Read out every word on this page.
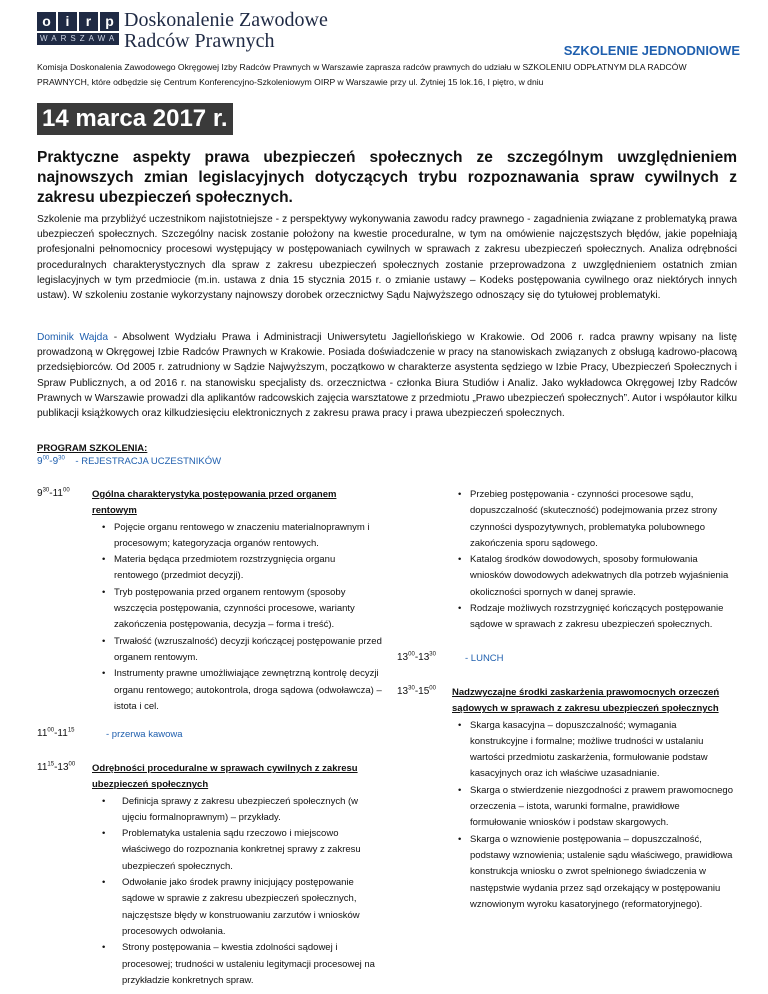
o	i	r	p
WARSZAWA
Doskonalenie Zawodowe
Radców Prawnych	SZKOLENIE JEDNODNIOWE
Komisja Doskonalenia Zawodowego Okręgowej Izby Radców Prawnych w Warszawie zaprasza radców prawnych do udziału w SZKOLENIU ODPŁATNYM DLA RADCÓW PRAWNYCH, które odbędzie się Centrum Konferencyjno-Szkoleniowym OIRP w Warszawie przy ul. Żytniej 15 lok.16, I piętro, w dniu
14 marca 2017 r.
Praktyczne aspekty prawa ubezpieczeń społecznych ze szczególnym uwzględnieniem najnowszych zmian legislacyjnych dotyczących trybu rozpoznawania spraw cywilnych z zakresu ubezpieczeń społecznych.
Szkolenie ma przybliżyć uczestnikom najistotniejsze - z perspektywy wykonywania zawodu radcy prawnego - zagadnienia związane z problematyką prawa ubezpieczeń społecznych. Szczególny nacisk zostanie położony na kwestie proceduralne, w tym na omówienie najczęstszych błędów, jakie popełniają profesjonalni pełnomocnicy procesowi występujący w postępowaniach cywilnych w sprawach z zakresu ubezpieczeń społecznych. Analiza odrębności proceduralnych charakterystycznych dla spraw z zakresu ubezpieczeń społecznych zostanie przeprowadzona z uwzględnieniem ostatnich zmian legislacyjnych w tym przedmiocie (m.in. ustawa z dnia 15 stycznia 2015 r. o zmianie ustawy – Kodeks postępowania cywilnego oraz niektórych innych ustaw). W szkoleniu zostanie wykorzystany najnowszy dorobek orzecznictwy Sądu Najwyższego odnoszący się do tytułowej problematyki.
Dominik Wajda - Absolwent Wydziału Prawa i Administracji Uniwersytetu Jagiellońskiego w Krakowie. Od 2006 r. radca prawny wpisany na listę prowadzoną w Okręgowej Izbie Radców Prawnych w Krakowie. Posiada doświadczenie w pracy na stanowiskach związanych z obsługą kadrowo-płacową przedsiębiorców. Od 2005 r. zatrudniony w Sądzie Najwyższym, początkowo w charakterze asystenta sędziego w Izbie Pracy, Ubezpieczeń Społecznych i Spraw Publicznych, a od 2016 r. na stanowisku specjalisty ds. orzecznictwa - członka Biura Studiów i Analiz. Jako wykładowca Okręgowej Izby Radców Prawnych w Warszawie prowadzi dla aplikantów radcowskich zajęcia warsztatowe z przedmiotu „Prawo ubezpieczeń społecznych”. Autor i współautor kilku publikacji książkowych oraz kilkudziesięciu elektronicznych z zakresu prawa pracy i prawa ubezpieczeń społecznych.
PROGRAM SZKOLENIA:
$9^{00}-9^{30}$ - REJESTRACJA UCZESTNIKÓW
$9^{30}-11^{00}$ Ogólna charakterystyka postępowania przed organem rentowym
• Pojęcie organu rentowego w znaczeniu materialnoprawnym i procesowym; kategoryzacja organów rentowych.
• Materia będąca przedmiotem rozstrzygnięcia organu rentowego (przedmiot decyzji).
• Tryb postępowania przed organem rentowym (sposoby wszczęcia postępowania, czynności procesowe, warianty zakończenia postępowania, decyzja – forma i treść).
• Trwałość (wzruszalność) decyzji kończącej postępowanie przed organem rentowym.
• Instrumenty prawne umożliwiające zewnętrzną kontrolę decyzji organu rentowego; autokontrola, droga sądowa (odwoławcza) – istota i cel.
$11^{00}-11^{15}$	- przerwa kawowa
$11^{15}-13^{00}$ Odrębności proceduralne w sprawach cywilnych z zakresu ubezpieczeń społecznych
• Definicja sprawy z zakresu ubezpieczeń społecznych (w ujęciu formalnoprawnym) – przykłady.
• Problematyka ustalenia sądu rzeczowo i miejscowo właściwego do rozpoznania konkretnej sprawy z zakresu ubezpieczeń społecznych.
• Odwołanie jako środek prawny inicjujący postępowanie sądowe w sprawie z zakresu ubezpieczeń społecznych, najczęstsze błędy w konstruowaniu zarzutów i wniosków procesowych odwołania.
• Strony postępowania – kwestia zdolności sądowej i procesowej; trudności w ustaleniu legitymacji procesowej na przykładzie konkretnych spraw.
• Przebieg postępowania - czynności procesowe sądu, dopuszczalność (skuteczność) podejmowania przez strony czynności dyspozytywnych, problematyka polubownego zakończenia sporu sądowego.
• Katalog środków dowodowych, sposoby formułowania wniosków dowodowych adekwatnych dla potrzeb wyjaśnienia okoliczności spornych w danej sprawie.
• Rodzaje możliwych rozstrzygnięć kończących postępowanie sądowe w sprawach z zakresu ubezpieczeń społecznych.
$13^{00}-13^{30}$	- LUNCH
$13^{30}-15^{00}$ Nadzwyczajne środki zaskarżenia prawomocnych orzeczeń sądowych w sprawach z zakresu ubezpieczeń społecznych
• Skarga kasacyjna – dopuszczalność; wymagania konstrukcyjne i formalne; możliwe trudności w ustalaniu wartości przedmiotu zaskarżenia, formułowanie podstaw kasacyjnych oraz ich właściwe uzasadnianie.
• Skarga o stwierdzenie niezgodności z prawem prawomocnego orzeczenia – istota, warunki formalne, prawidłowe formułowanie wniosków i podstaw skargowych.
• Skarga o wznowienie postępowania – dopuszczalność, podstawy wznowienia; ustalenie sądu właściwego, prawidłowa konstrukcja wniosku o zwrot spełnionego świadczenia w następstwie wydania przez sąd orzekający w postępowaniu wznowionym wyroku kasatoryjnego (reformatoryjnego).
